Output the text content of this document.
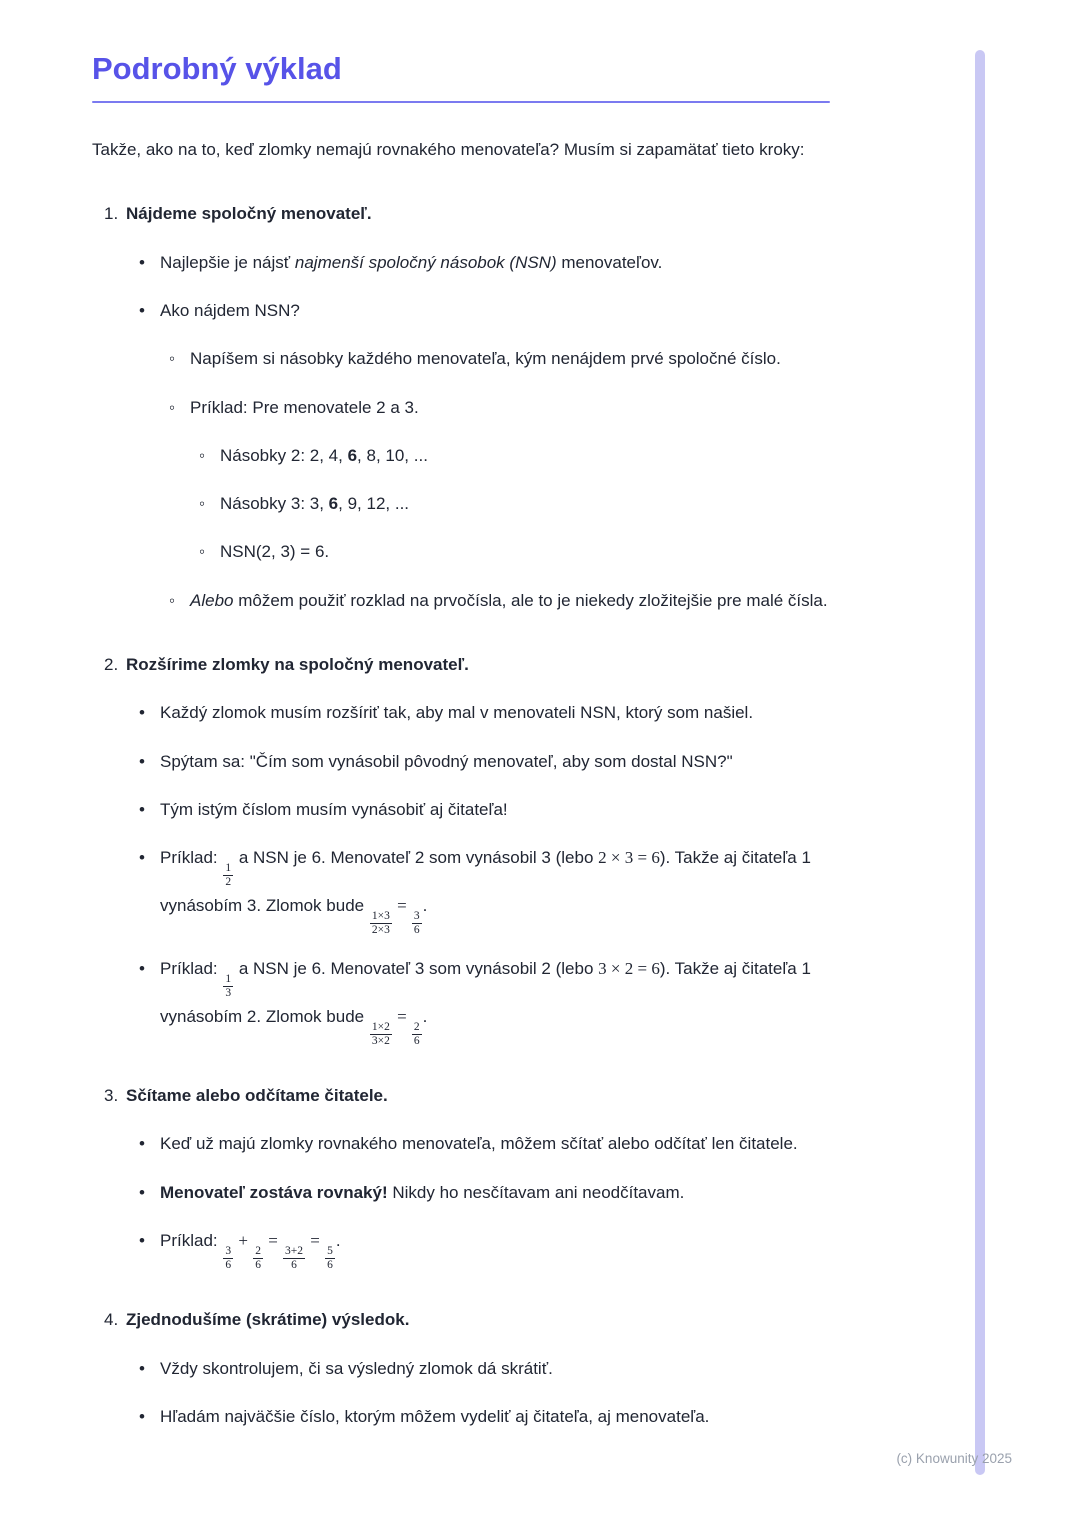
Podrobný výklad

Takže, ako na to, keď zlomky nemajú rovnakého menovateľa? Musím si zapamätať tieto kroky:

1. Nájdeme spoločný menovateľ.
• Najlepšie je nájsť najmenší spoločný násobok (NSN) menovateľov.
• Ako nájdem NSN?
◦ Napíšem si násobky každého menovateľa, kým nenájdem prvé spoločné číslo.
◦ Príklad: Pre menovatele 2 a 3.
◦ Násobky 2: 2, 4, 6, 8, 10, ...
◦ Násobky 3: 3, 6, 9, 12, ...
◦ NSN(2, 3) = 6.
◦ Alebo môžem použiť rozklad na prvočísla, ale to je niekedy zložitejšie pre malé čísla.
2. Rozšírime zlomky na spoločný menovateľ.
• Každý zlomok musím rozšíriť tak, aby mal v menovateli NSN, ktorý som našiel.
• Spýtam sa: "Čím som vynásobil pôvodný menovateľ, aby som dostal NSN?"
• Tým istým číslom musím vynásobiť aj čitateľa!
• Príklad:
$\frac{1}{2}$
a NSN je 6. Menovateľ 2 som vynásobil 3 (lebo 2 × 3 = 6). Takže aj čitateľa 1 vynásobím 3. Zlomok bude
$\frac{1\times 3}{2\times 3}$
=
$\frac{3}{6}$
.
• Príklad:
$\frac{1}{3}$
a NSN je 6. Menovateľ 3 som vynásobil 2 (lebo 3 × 2 = 6). Takže aj čitateľa 1 vynásobím 2. Zlomok bude
$\frac{1\times 2}{3\times 2}$
=
$\frac{2}{6}$
.
3. Sčítame alebo odčítame čitatele.
• Keď už majú zlomky rovnakého menovateľa, môžem sčítať alebo odčítať len čitatele.
• Menovateľ zostáva rovnaký! Nikdy ho nesčítavam ani neodčítavam.
• Príklad:
$\frac{3}{6}$
+
$\frac{2}{6}$
=
$\frac{3+2}{6}$
=
$\frac{5}{6}$
.
4. Zjednodušíme (skrátime) výsledok.
• Vždy skontrolujem, či sa výsledný zlomok dá skrátiť.
• Hľadám najväčšie číslo, ktorým môžem vydeliť aj čitateľa, aj menovateľa.
(c) Knowunity 2025
